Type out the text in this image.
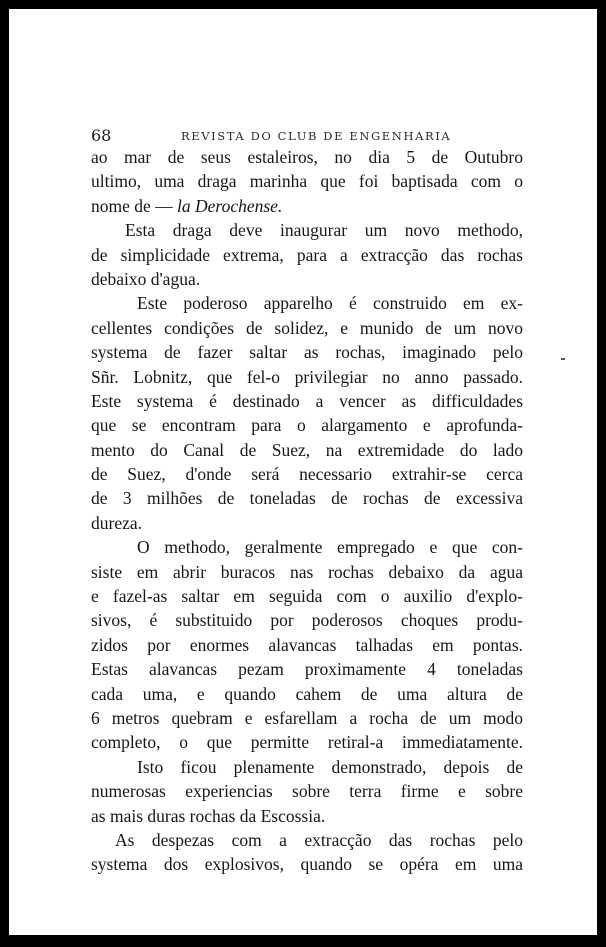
68	REVISTA DO CLUB DE ENGENHARIA
ao mar de seus estaleiros, no dia 5 de Outubro
ultimo, uma draga marinha que foi baptisada com o
nome de — la Derochense.
Esta draga deve inaugurar um novo methodo,
de simplicidade extrema, para a extracção das rochas
debaixo d'agua.
Este poderoso apparelho é construido em ex-
cellentes condições de solidez, e munido de um novo
systema de fazer saltar as rochas, imaginado pelo
Sñr. Lobnitz, que fel-o privilegiar no anno passado.
Este systema é destinado a vencer as difficuldades
que se encontram para o alargamento e aprofunda-
mento do Canal de Suez, na extremidade do lado
de Suez, d'onde será necessario extrahir-se cerca
de 3 milhões de toneladas de rochas de excessiva
dureza.
O methodo, geralmente empregado e que con-
siste em abrir buracos nas rochas debaixo da agua
e fazel-as saltar em seguida com o auxilio d'explo-
sivos, é substituido por poderosos choques produ-
zidos por enormes alavancas talhadas em pontas.
Estas alavancas pezam proximamente 4 toneladas
cada uma, e quando cahem de uma altura de
6 metros quebram e esfarellam a rocha de um modo
completo, o que permitte retiral-a immediatamente.
Isto ficou plenamente demonstrado, depois de
numerosas experiencias sobre terra firme e sobre
as mais duras rochas da Escossia.
As despezas com a extracção das rochas pelo
systema dos explosivos, quando se opéra em uma
